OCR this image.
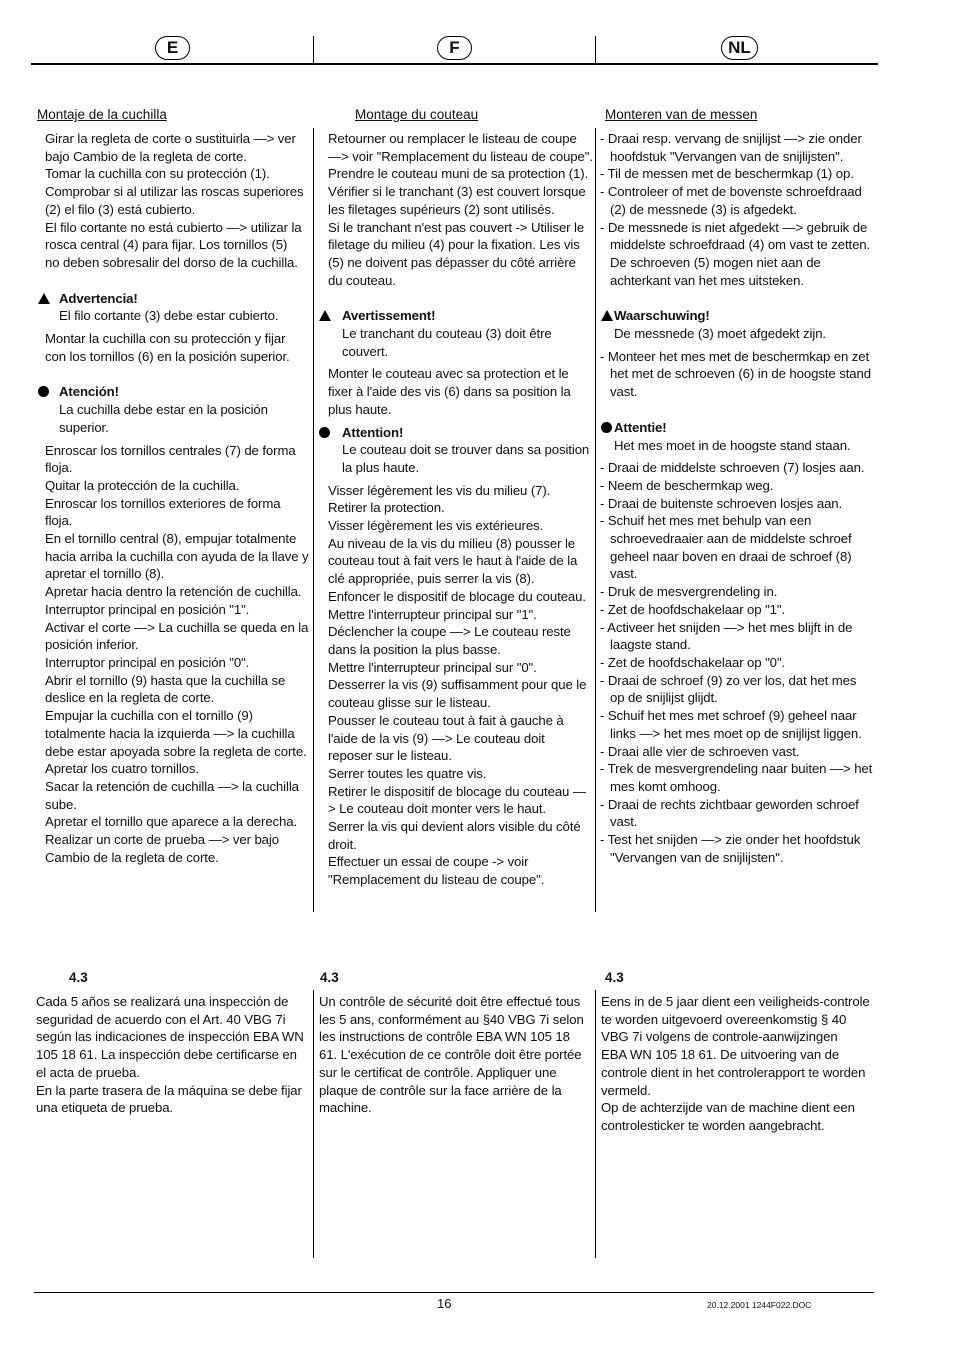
E	F	NL
Montaje de la cuchilla
Girar la regleta de corte o sustituirla —> ver
bajo Cambio de la regleta de corte.
Tomar la cuchilla con su protección (1).
Comprobar si al utilizar las roscas superiores
(2) el filo (3) está cubierto.
El filo cortante no está cubierto —> utilizar la
rosca central (4) para fijar. Los tornillos (5)
no deben sobresalir del dorso de la cuchilla.
Advertencia!
El filo cortante (3) debe estar cubierto.
Montar la cuchilla con su protección y fijar
con los tornillos (6) en la posición superior.
Atención!
La cuchilla debe estar en la posición
superior.
Enroscar los tornillos centrales (7) de forma
floja.
Quitar la protección de la cuchilla.
Enroscar los tornillos exteriores de forma
floja.
En el tornillo central (8), empujar totalmente
hacia arriba la cuchilla con ayuda de la llave y
apretar el tornillo (8).
Apretar hacia dentro la retención de cuchilla.
Interruptor principal en posición "1".
Activar el corte —> La cuchilla se queda en la
posición inferior.
Interruptor principal en posición "0".
Abrir el tornillo (9) hasta que la cuchilla se
deslice en la regleta de corte.
Empujar la cuchilla con el tornillo (9)
totalmente hacia la izquierda —> la cuchilla
debe estar apoyada sobre la regleta de corte.
Apretar los cuatro tornillos.
Sacar la retención de cuchilla —> la cuchilla
sube.
Apretar el tornillo que aparece a la derecha.
Realizar un corte de prueba —> ver bajo
Cambio de la regleta de corte.
Montage du couteau
Retourner ou remplacer le listeau de coupe
—> voir "Remplacement du listeau de coupe".
Prendre le couteau muni de sa protection (1).
Vérifier si le tranchant (3) est couvert lorsque
les filetages supérieurs (2) sont utilisés.
Si le tranchant n'est pas couvert -> Utiliser le
filetage du milieu (4) pour la fixation. Les vis
(5) ne doivent pas dépasser du côté arrière
du couteau.
Avertissement!
Le tranchant du couteau (3) doit être
couvert.
Monter le couteau avec sa protection et le
fixer à l'aide des vis (6) dans sa position la
plus haute.
Attention!
Le couteau doit se trouver dans sa position
la plus haute.
Visser légèrement les vis du milieu (7).
Retirer la protection.
Visser légèrement les vis extérieures.
Au niveau de la vis du milieu (8) pousser le
couteau tout à fait vers le haut à l'aide de la
clé appropriée, puis serrer la vis (8).
Enfoncer le dispositif de blocage du couteau.
Mettre l'interrupteur principal sur "1".
Déclencher la coupe —> Le couteau reste
dans la position la plus basse.
Mettre l'interrupteur principal sur "0".
Desserrer la vis (9) suffisamment pour que le
couteau glisse sur le listeau.
Pousser le couteau tout à fait à gauche à
l'aide de la vis (9) —> Le couteau doit
reposer sur le listeau.
Serrer toutes les quatre vis.
Retirer le dispositif de blocage du couteau —
> Le couteau doit monter vers le haut.
Serrer la vis qui devient alors visible du côté
droit.
Effectuer un essai de coupe -> voir
"Remplacement du listeau de coupe".
Monteren van de messen
- Draai resp. vervang de snijlijst —> zie onder
hoofdstuk "Vervangen van de snijlijsten".
- Til de messen met de beschermkap (1) op.
- Controleer of met de bovenste schroefdraad
(2) de messnede (3) is afgedekt.
- De messnede is niet afgedekt —> gebruik de
middelste schroefdraad (4) om vast te zetten.
De schroeven (5) mogen niet aan de
achterkant van het mes uitsteken.
Waarschuwing!
De messnede (3) moet afgedekt zijn.
- Monteer het mes met de beschermkap en zet
het met de schroeven (6) in de hoogste stand
vast.
Attentie!
Het mes moet in de hoogste stand staan.
- Draai de middelste schroeven (7) losjes aan.
- Neem de beschermkap weg.
- Draai de buitenste schroeven losjes aan.
- Schuif het mes met behulp van een
schroevedraaier aan de middelste schroef
geheel naar boven en draai de schroef (8)
vast.
- Druk de mesvergrendeling in.
- Zet de hoofdschakelaar op "1".
- Activeer het snijden —> het mes blijft in de
laagste stand.
- Zet de hoofdschakelaar op "0".
- Draai de schroef (9) zo ver los, dat het mes
op de snijlijst glijdt.
- Schuif het mes met schroef (9) geheel naar
links —> het mes moet op de snijlijst liggen.
- Draai alle vier de schroeven vast.
- Trek de mesvergrendeling naar buiten —> het
mes komt omhoog.
- Draai de rechts zichtbaar geworden schroef
vast.
- Test het snijden —> zie onder het hoofdstuk
"Vervangen van de snijlijsten".
4.3	4.3	4.3
Cada 5 años se realizará una inspección de
seguridad de acuerdo con el Art. 40 VBG 7i
según las indicaciones de inspección EBA WN
105 18 61. La inspección debe certificarse en
el acta de prueba.
En la parte trasera de la máquina se debe fijar
una etiqueta de prueba.
Un contrôle de sécurité doit être effectué tous
les 5 ans, conformément au §40 VBG 7i selon
les instructions de contrôle EBA WN 105 18
61. L'exécution de ce contrôle doit être portée
sur le certificat de contrôle. Appliquer une
plaque de contrôle sur la face arrière de la
machine.
Eens in de 5 jaar dient een veiligheids-controle
te worden uitgevoerd overeenkomstig § 40
VBG 7i volgens de controle-aanwijzingen
EBA WN 105 18 61. De uitvoering van de
controle dient in het controlerapport te worden
vermeld.
Op de achterzijde van de machine dient een
controlesticker te worden aangebracht.
16	20.12.2001 1244F022.DOC
